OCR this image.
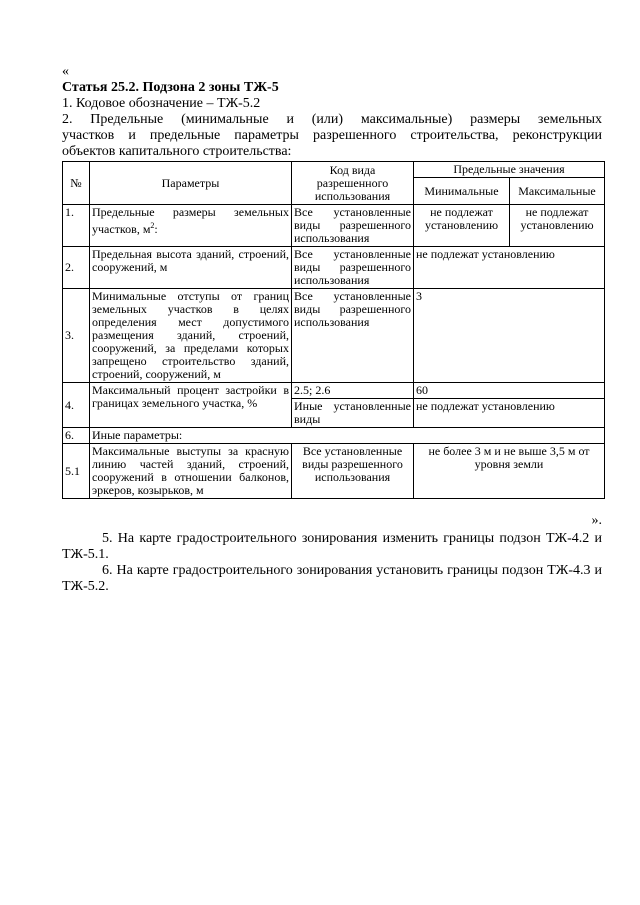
«
Статья 25.2. Подзона 2 зоны ТЖ-5
1. Кодовое обозначение – ТЖ-5.2
2. Предельные (минимальные и (или) максимальные) размеры земельных
участков и предельные параметры разрешенного строительства, реконструкции
объектов капитального строительства:
№	Параметры	Код вида разрешенного использования	Предельные значения	
			Минимальные	Максимальные
1.	Предельные размеры земельных участков, $м^2$:	Все установленные виды разрешенного использования	не подлежат установлению	не подлежат установлению
2.	Предельная высота зданий, строений, сооружений, м	Все установленные виды разрешенного использования	не подлежат установлению	
3.	Минимальные отступы от границ земельных участков в целях определения мест допустимого размещения зданий, строений, сооружений, за пределами которых запрещено строительство зданий, строений, сооружений, м	Все установленные виды разрешенного использования	3	
4.	Максимальный процент застройки в границах земельного участка, %	2.5; 2.6	60	
		Иные установленные виды	не подлежат установлению	
6.	Иные параметры:			
5.1	Максимальные выступы за красную линию частей зданий, строений, сооружений в отношении балконов, эркеров, козырьков, м	Все установленные виды разрешенного использования	не более 3 м и не выше 3,5 м от уровня земли	
».
5. На карте градостроительного зонирования изменить границы подзон ТЖ-4.2 и ТЖ-5.1.
6. На карте градостроительного зонирования установить границы подзон ТЖ-4.3 и ТЖ-5.2.
